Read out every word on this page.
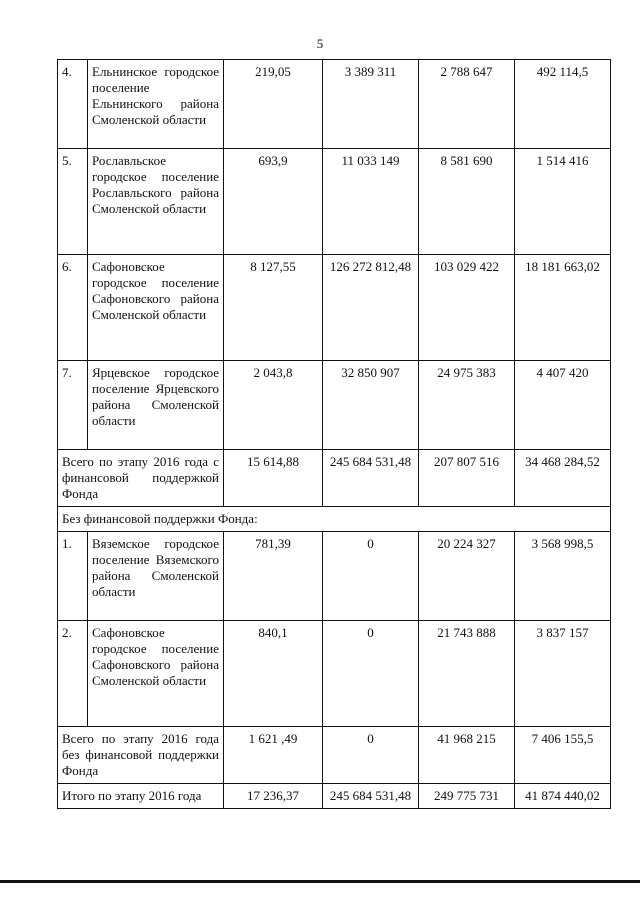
5
4.	Ельнинское городское поселение Ельнинского района Смоленской области	219,05	3 389 311	2 788 647	492 114,5
5.	Рославльское городское поселение Рославльского района Смоленской области	693,9	11 033 149	8 581 690	1 514 416
6.	Сафоновское городское поселение Сафоновского района Смоленской области	8 127,55	126 272 812,48	103 029 422	18 181 663,02
7.	Ярцевское городское поселение Ярцевского района Смоленской области	2 043,8	32 850 907	24 975 383	4 407 420
Всего по этапу 2016 года с финансовой поддержкой Фонда		15 614,88	245 684 531,48	207 807 516	34 468 284,52
Без финансовой поддержки Фонда:					
1.	Вяземское городское поселение Вяземского района Смоленской области	781,39	0	20 224 327	3 568 998,5
2.	Сафоновское городское поселение Сафоновского района Смоленской области	840,1	0	21 743 888	3 837 157
Всего по этапу 2016 года без финансовой поддержки Фонда		1 621 ,49	0	41 968 215	7 406 155,5
Итого по этапу 2016 года		17 236,37	245 684 531,48	249 775 731	41 874 440,02
